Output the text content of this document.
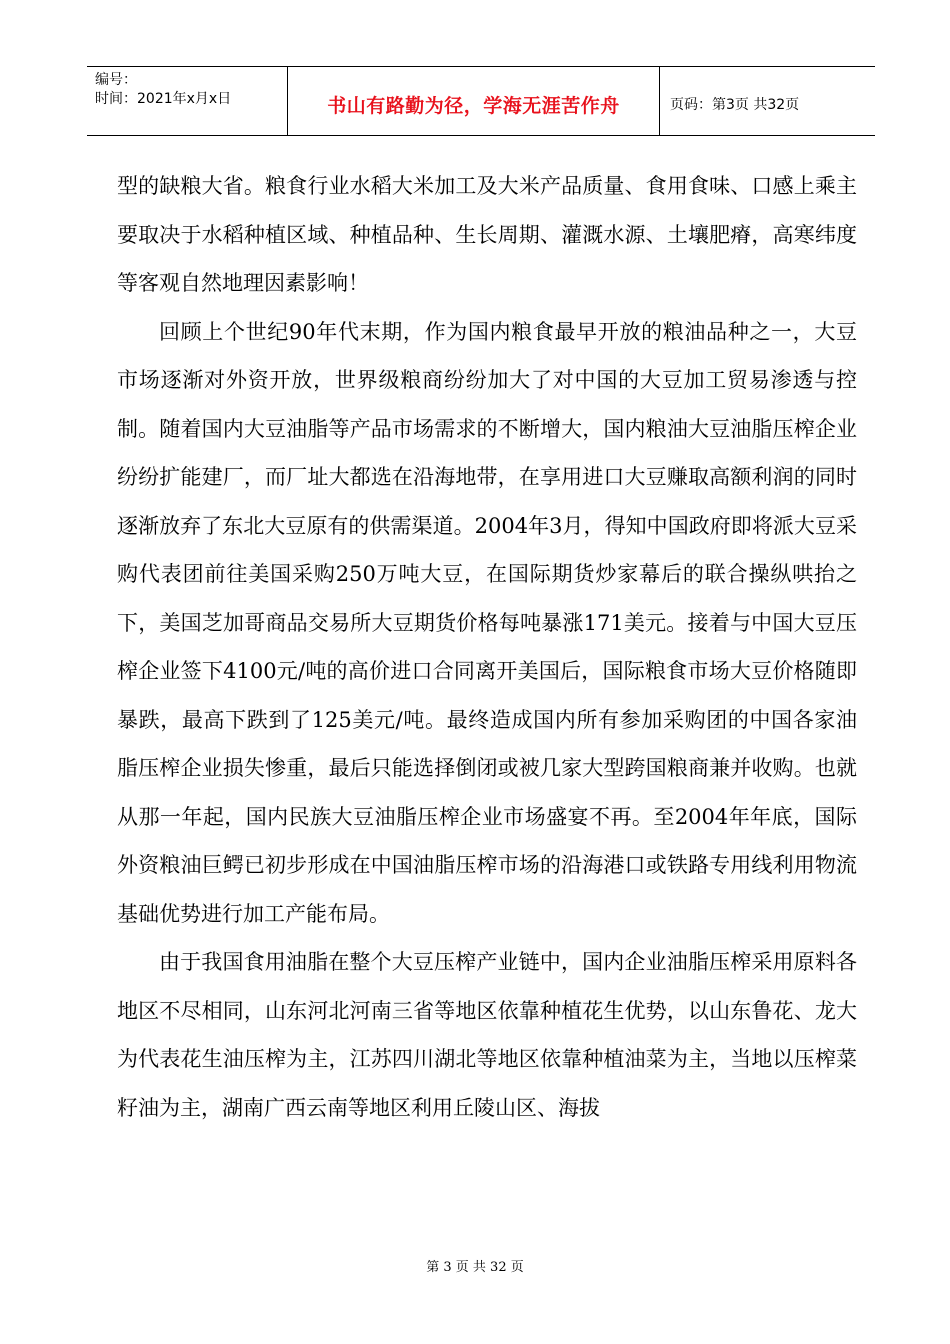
编号：
时间：2021年x月x日	书山有路勤为径，学海无涯苦作舟	页码：第3页 共32页

型的缺粮大省。粮食行业水稻大米加工及大米产品质量、食用食味、口感上乘主要取决于水稻种植区域、种植品种、生长周期、灌溉水源、土壤肥瘠，高寒纬度等客观自然地理因素影响！

回顾上个世纪90年代末期，作为国内粮食最早开放的粮油品种之一，大豆市场逐渐对外资开放，世界级粮商纷纷加大了对中国的大豆加工贸易渗透与控制。随着国内大豆油脂等产品市场需求的不断增大，国内粮油大豆油脂压榨企业纷纷扩能建厂，而厂址大都选在沿海地带，在享用进口大豆赚取高额利润的同时逐渐放弃了东北大豆原有的供需渠道。2004年3月，得知中国政府即将派大豆采购代表团前往美国采购250万吨大豆，在国际期货炒家幕后的联合操纵哄抬之下，美国芝加哥商品交易所大豆期货价格每吨暴涨171美元。接着与中国大豆压榨企业签下4100元/吨的高价进口合同离开美国后，国际粮食市场大豆价格随即暴跌，最高下跌到了125美元/吨。最终造成国内所有参加采购团的中国各家油脂压榨企业损失惨重，最后只能选择倒闭或被几家大型跨国粮商兼并收购。也就从那一年起，国内民族大豆油脂压榨企业市场盛宴不再。至2004年年底，国际外资粮油巨鳄已初步形成在中国油脂压榨市场的沿海港口或铁路专用线利用物流基础优势进行加工产能布局。

由于我国食用油脂在整个大豆压榨产业链中，国内企业油脂压榨采用原料各地区不尽相同，山东河北河南三省等地区依靠种植花生优势，以山东鲁花、龙大为代表花生油压榨为主，江苏四川湖北等地区依靠种植油菜为主，当地以压榨菜籽油为主，湖南广西云南等地区利用丘陵山区、海拔

第 3 页 共 32 页
